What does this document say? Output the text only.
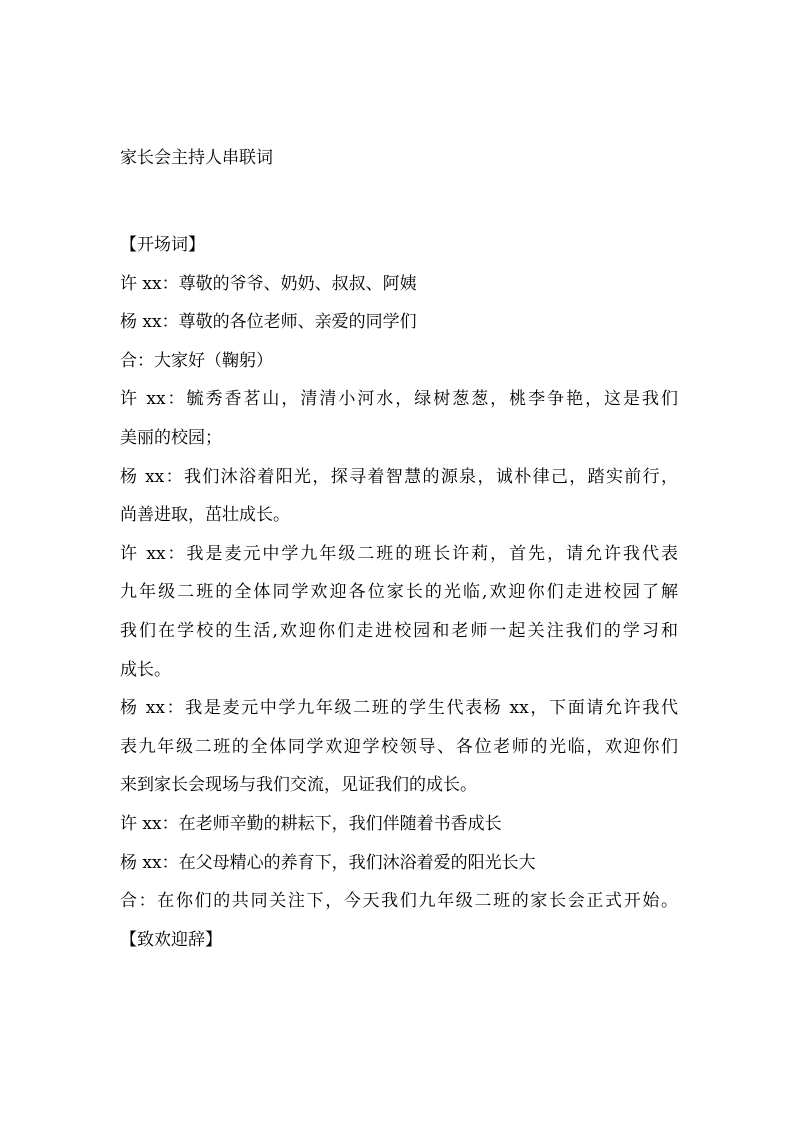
家长会主持人串联词
【开场词】
许 xx：尊敬的爷爷、奶奶、叔叔、阿姨
杨 xx：尊敬的各位老师、亲爱的同学们
合：大家好（鞠躬）
许 xx：毓秀香茗山，清清小河水，绿树葱葱，桃李争艳，这是我们
美丽的校园；
杨 xx：我们沐浴着阳光，探寻着智慧的源泉，诚朴律己，踏实前行，
尚善进取，茁壮成长。
许 xx：我是麦元中学九年级二班的班长许莉，首先，请允许我代表
九年级二班的全体同学欢迎各位家长的光临,欢迎你们走进校园了解
我们在学校的生活,欢迎你们走进校园和老师一起关注我们的学习和
成长。
杨 xx：我是麦元中学九年级二班的学生代表杨 xx，下面请允许我代
表九年级二班的全体同学欢迎学校领导、各位老师的光临，欢迎你们
来到家长会现场与我们交流，见证我们的成长。
许 xx：在老师辛勤的耕耘下，我们伴随着书香成长
杨 xx：在父母精心的养育下，我们沐浴着爱的阳光长大
合：在你们的共同关注下，今天我们九年级二班的家长会正式开始。
【致欢迎辞】
